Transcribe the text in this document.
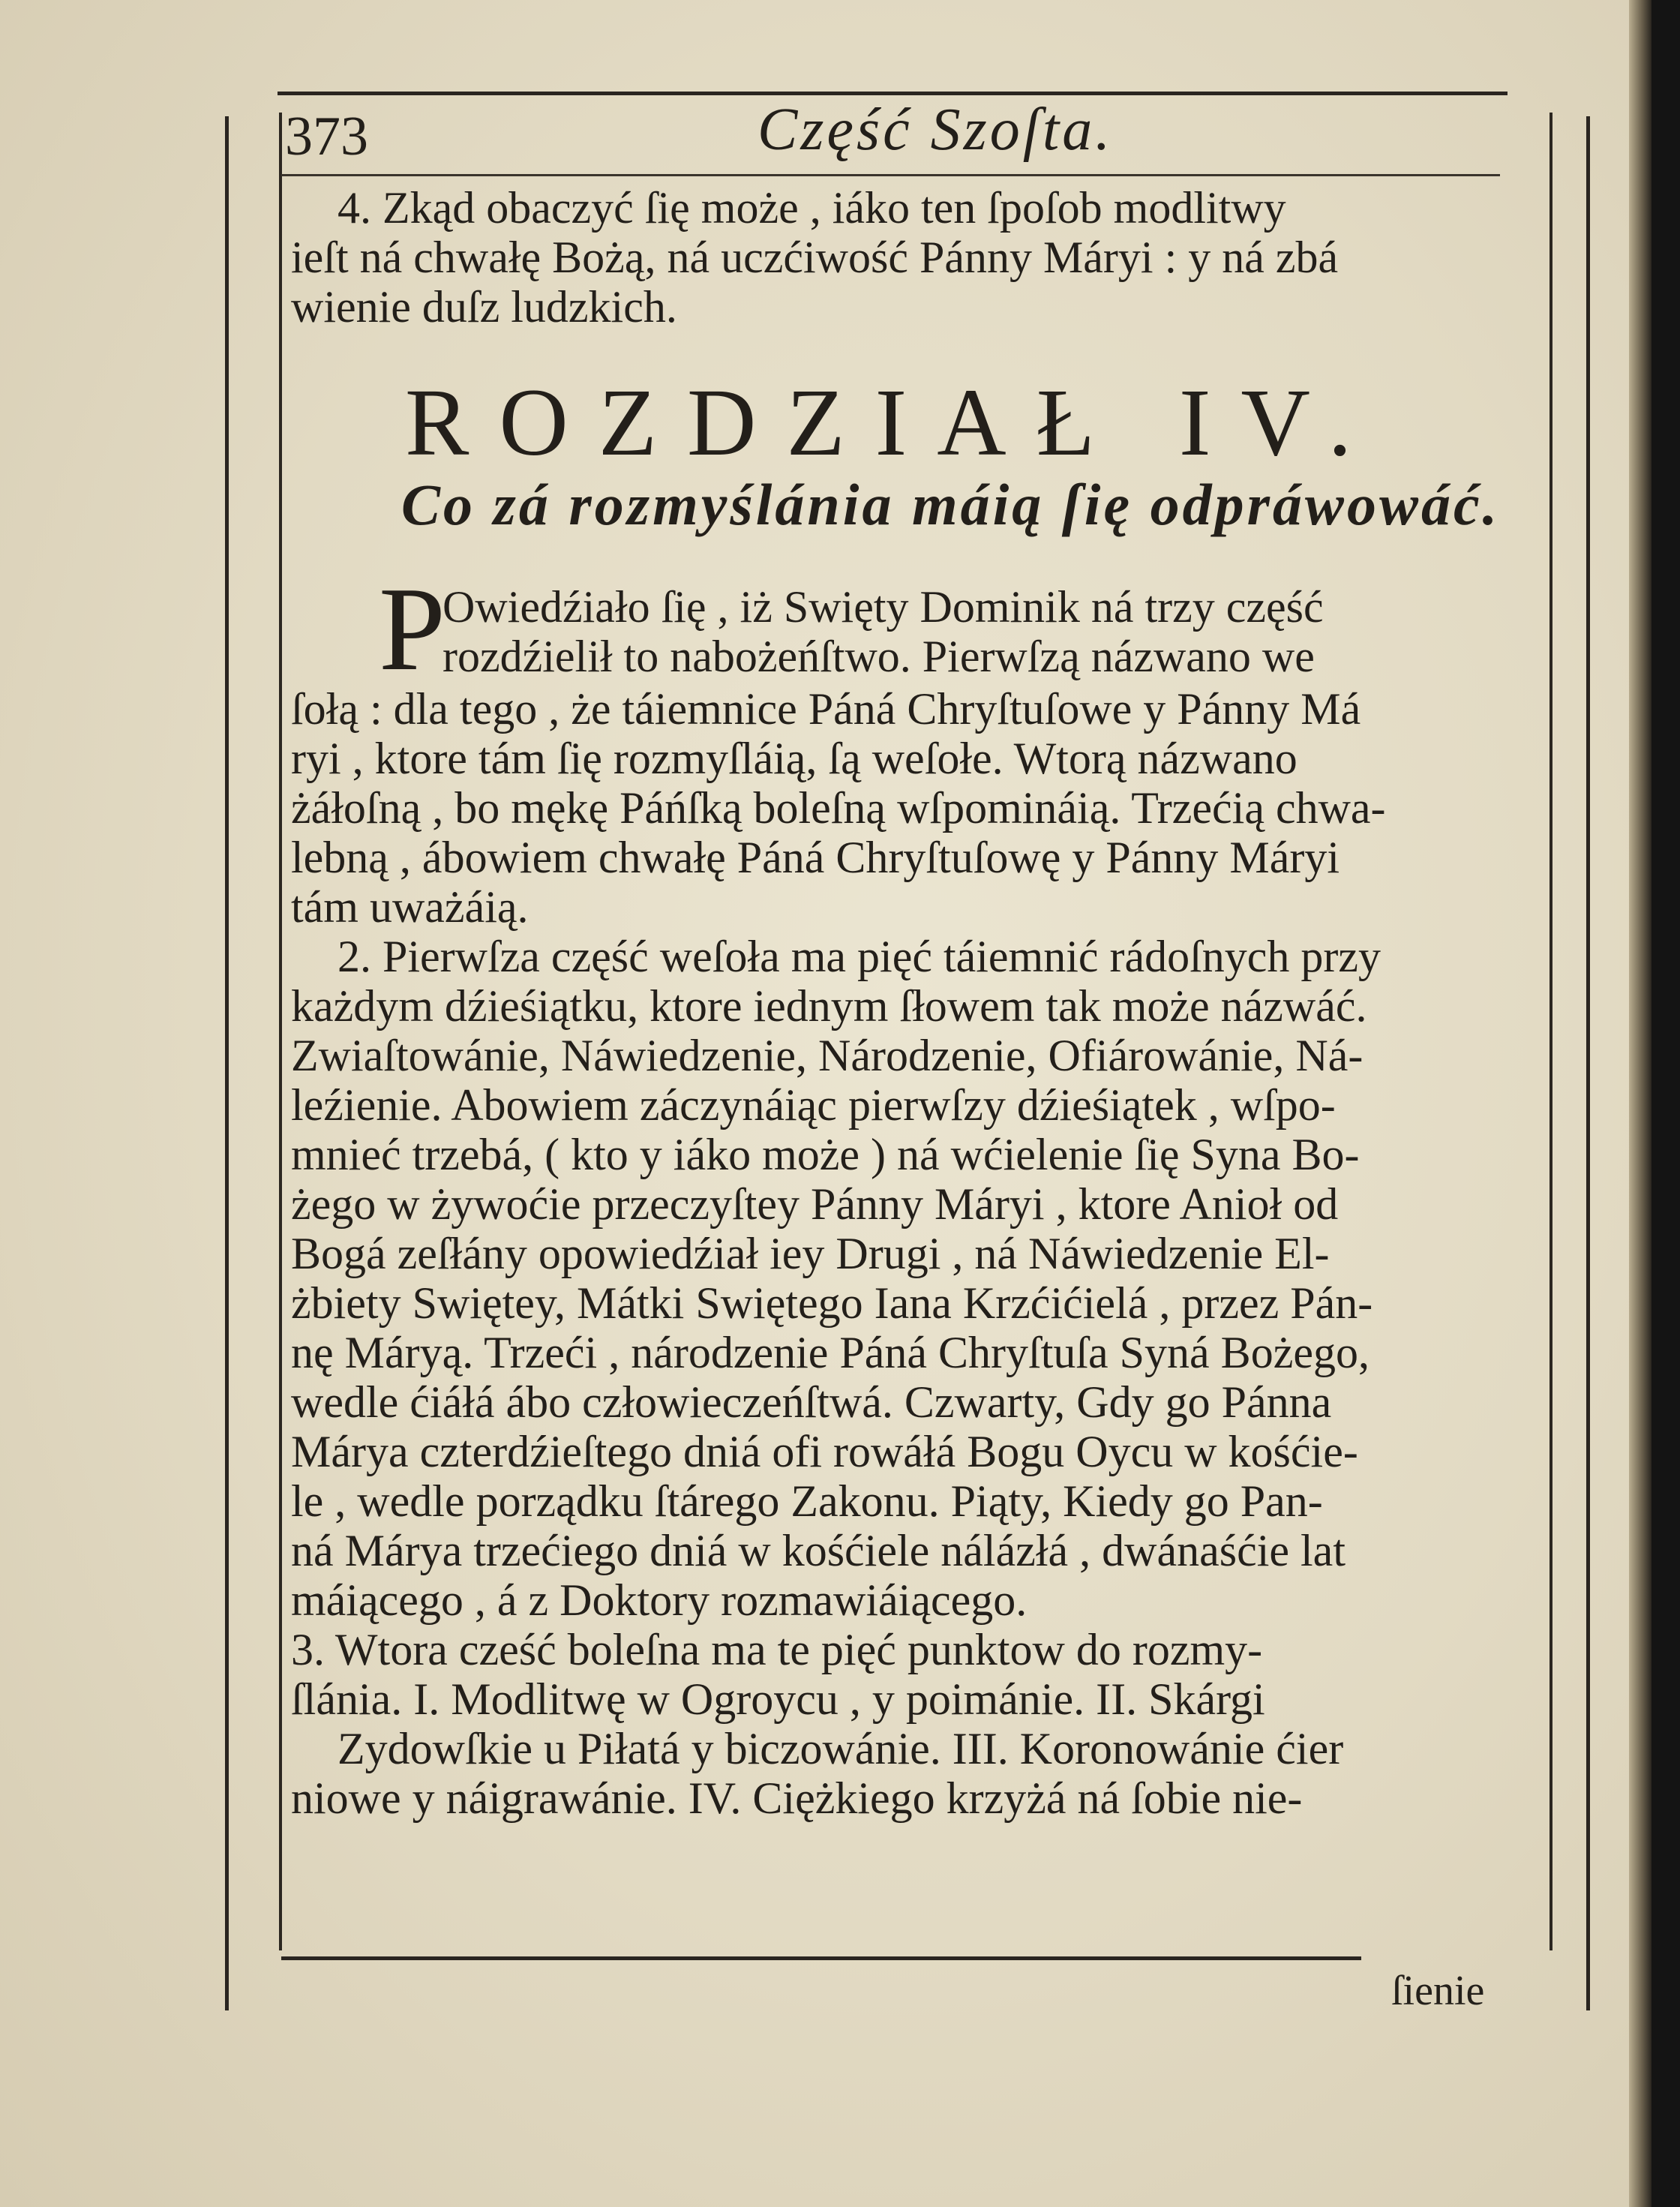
373	Część Szoſta.
4. Zkąd obaczyć ſię może , iáko ten ſpoſob modlitwy
ieſt ná chwałę Bożą, ná uczćiwość Pánny Máryi : y ná zbá
wienie duſz ludzkich.
ROZDZIAŁ IV.
Co zá rozmyślánia máią ſię odpráwowáć.
P
Owiedźiało ſię , iż Swięty Dominik ná trzy część
rozdźielił to nabożeńſtwo. Pierwſzą názwano we
ſołą : dla tego , że táiemnice Páná Chryſtuſowe y Pánny Má
ryi , ktore tám ſię rozmyſláią, ſą weſołe. Wtorą názwano
żáłoſną , bo mękę Páńſką boleſną wſpomináią. Trzećią chwa-
lebną , ábowiem chwałę Páná Chryſtuſowę y Pánny Máryi
tám uważáią.
2. Pierwſza część weſoła ma pięć táiemnić rádoſnych przy
każdym dźieśiątku, ktore iednym ſłowem tak może názwáć.
Zwiaſtowánie, Náwiedzenie, Národzenie, Ofiárowánie, Ná-
leźienie. Abowiem záczynáiąc pierwſzy dźieśiątek , wſpo-
mnieć trzebá, ( kto y iáko może ) ná wćielenie ſię Syna Bo-
żego w żywoćie przeczyſtey Pánny Máryi , ktore Anioł od
Bogá zeſłány opowiedźiał iey Drugi , ná Náwiedzenie El-
żbiety Swiętey, Mátki Swiętego Iana Krzćićielá , przez Pán-
nę Máryą. Trzeći , národzenie Páná Chryſtuſa Syná Bożego,
wedle ćiáłá ábo człowieczeńſtwá. Czwarty, Gdy go Pánna
Márya czterdźieſtego dniá ofi rowáłá Bogu Oycu w kośćie-
le , wedle porządku ſtárego Zakonu. Piąty, Kiedy go Pan-
ná Márya trzećiego dniá w kośćiele nálázłá , dwánaśćie lat
máiącego , á z Doktory rozmawiáiącego.
3. Wtora cześć boleſna ma te pięć punktow do rozmy-
ſlánia. I. Modlitwę w Ogroycu , y poimánie. II. Skárgi
Zydowſkie u Piłatá y biczowánie. III. Koronowánie ćier
niowe y náigrawánie. IV. Ciężkiego krzyżá ná ſobie nie-
ſienie
